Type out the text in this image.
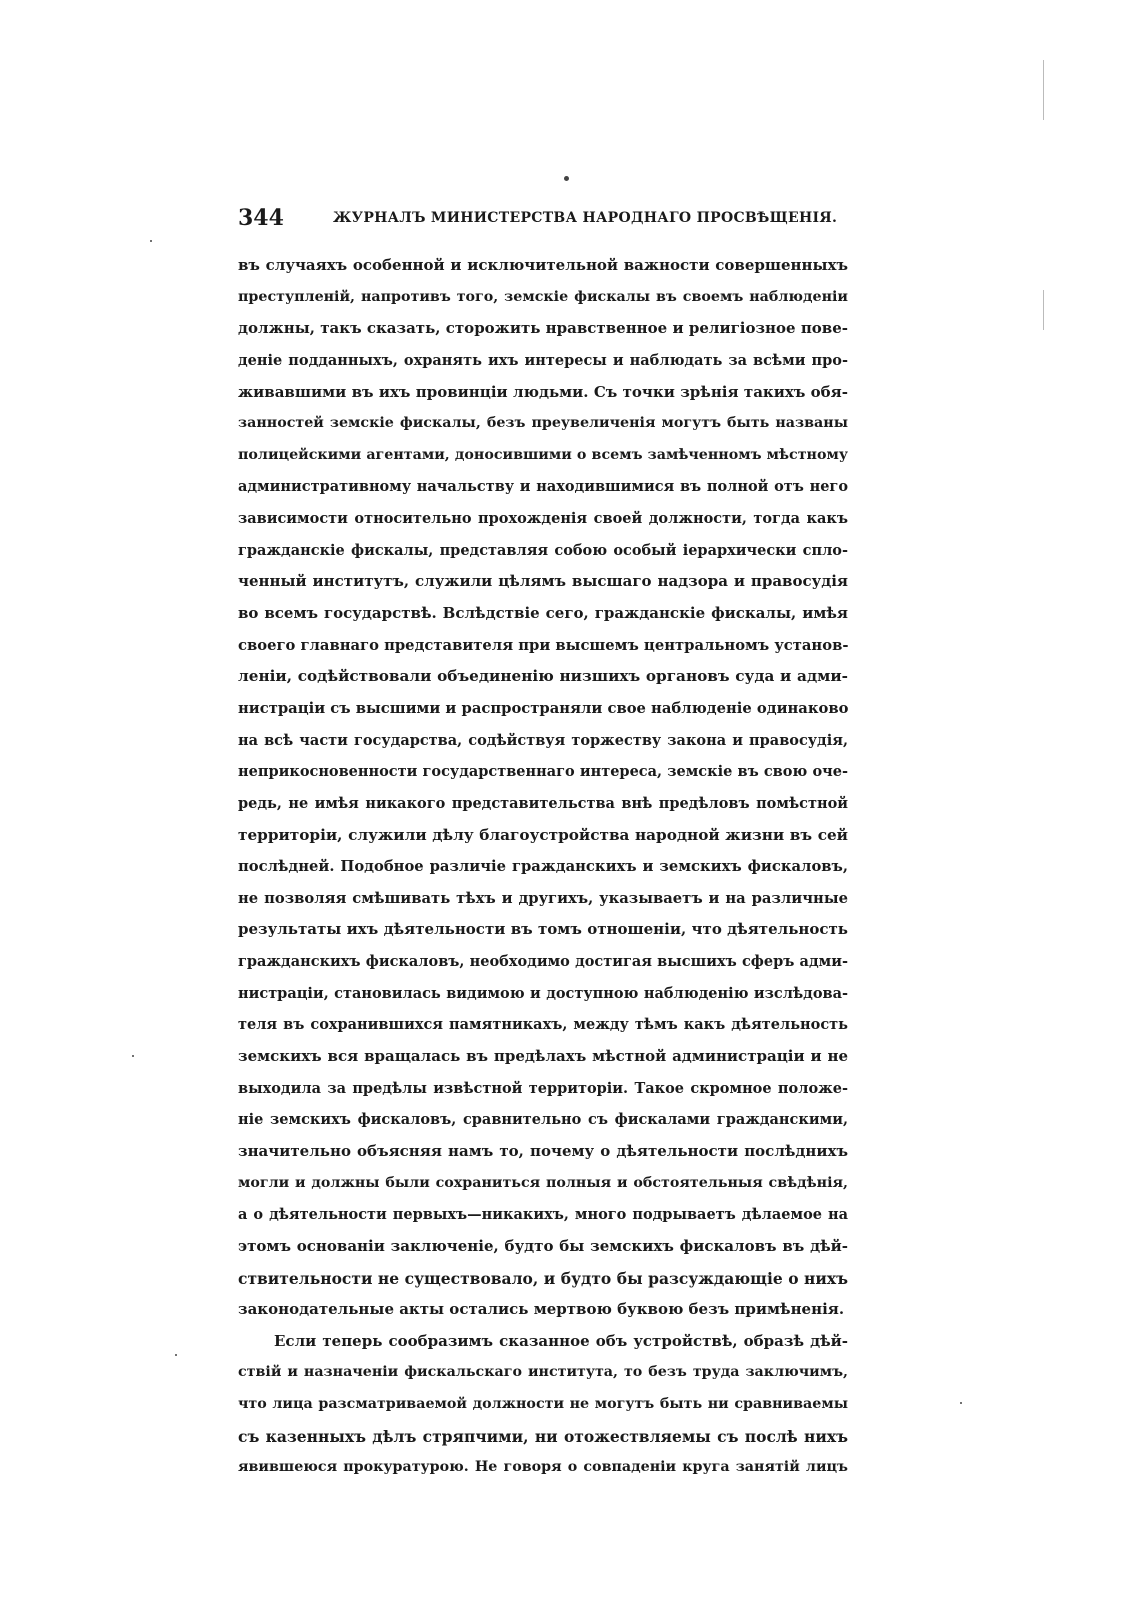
344	ЖУРНАЛЪ МИНИСТЕРСТВА НАРОДНАГО ПРОСВѢЩЕНІЯ.
въ случаяхъ особенной и исключительной важности совершенныхъ
преступленій, напротивъ того, земскіе фискалы въ своемъ наблюденіи
должны, такъ сказать, сторожить нравственное и религіозное пове-
деніе подданныхъ, охранять ихъ интересы и наблюдать за всѣми про-
живавшими въ ихъ провинціи людьми. Съ точки зрѣнія такихъ обя-
занностей земскіе фискалы, безъ преувеличенія могутъ быть названы
полицейскими агентами, доносившими о всемъ замѣченномъ мѣстному
административному начальству и находившимися въ полной отъ него
зависимости относительно прохожденія своей должности, тогда какъ
гражданскіе фискалы, представляя собою особый іерархически спло-
ченный институтъ, служили цѣлямъ высшаго надзора и правосудія
во всемъ государствѣ. Вслѣдствіе сего, гражданскіе фискалы, имѣя
своего главнаго представителя при высшемъ центральномъ установ-
леніи, содѣйствовали объединенію низшихъ органовъ суда и адми-
нистраціи съ высшими и распространяли свое наблюденіе одинаково
на всѣ части государства, содѣйствуя торжеству закона и правосудія,
неприкосновенности государственнаго интереса, земскіе въ свою оче-
редь, не имѣя никакого представительства внѣ предѣловъ помѣстной
территоріи, служили дѣлу благоустройства народной жизни въ сей
послѣдней. Подобное различіе гражданскихъ и земскихъ фискаловъ,
не позволяя смѣшивать тѣхъ и другихъ, указываетъ и на различные
результаты ихъ дѣятельности въ томъ отношеніи, что дѣятельность
гражданскихъ фискаловъ, необходимо достигая высшихъ сферъ адми-
нистраціи, становилась видимою и доступною наблюденію изслѣдова-
теля въ сохранившихся памятникахъ, между тѣмъ какъ дѣятельность
земскихъ вся вращалась въ предѣлахъ мѣстной администраціи и не
выходила за предѣлы извѣстной территоріи. Такое скромное положе-
ніе земскихъ фискаловъ, сравнительно съ фискалами гражданскими,
значительно объясняя намъ то, почему о дѣятельности послѣднихъ
могли и должны были сохраниться полныя и обстоятельныя свѣдѣнія,
а о дѣятельности первыхъ—никакихъ, много подрываетъ дѣлаемое на
этомъ основаніи заключеніе, будто бы земскихъ фискаловъ въ дѣй-
ствительности не существовало, и будто бы разсуждающіе о нихъ
законодательные акты остались мертвою буквою безъ примѣненія.
Если теперь сообразимъ сказанное объ устройствѣ, образѣ дѣй-
ствій и назначеніи фискальскаго института, то безъ труда заключимъ,
что лица разсматриваемой должности не могутъ быть ни сравниваемы
съ казенныхъ дѣлъ стряпчими, ни отожествляемы съ послѣ нихъ
явившеюся прокуратурою. Не говоря о совпаденіи круга занятій лицъ
